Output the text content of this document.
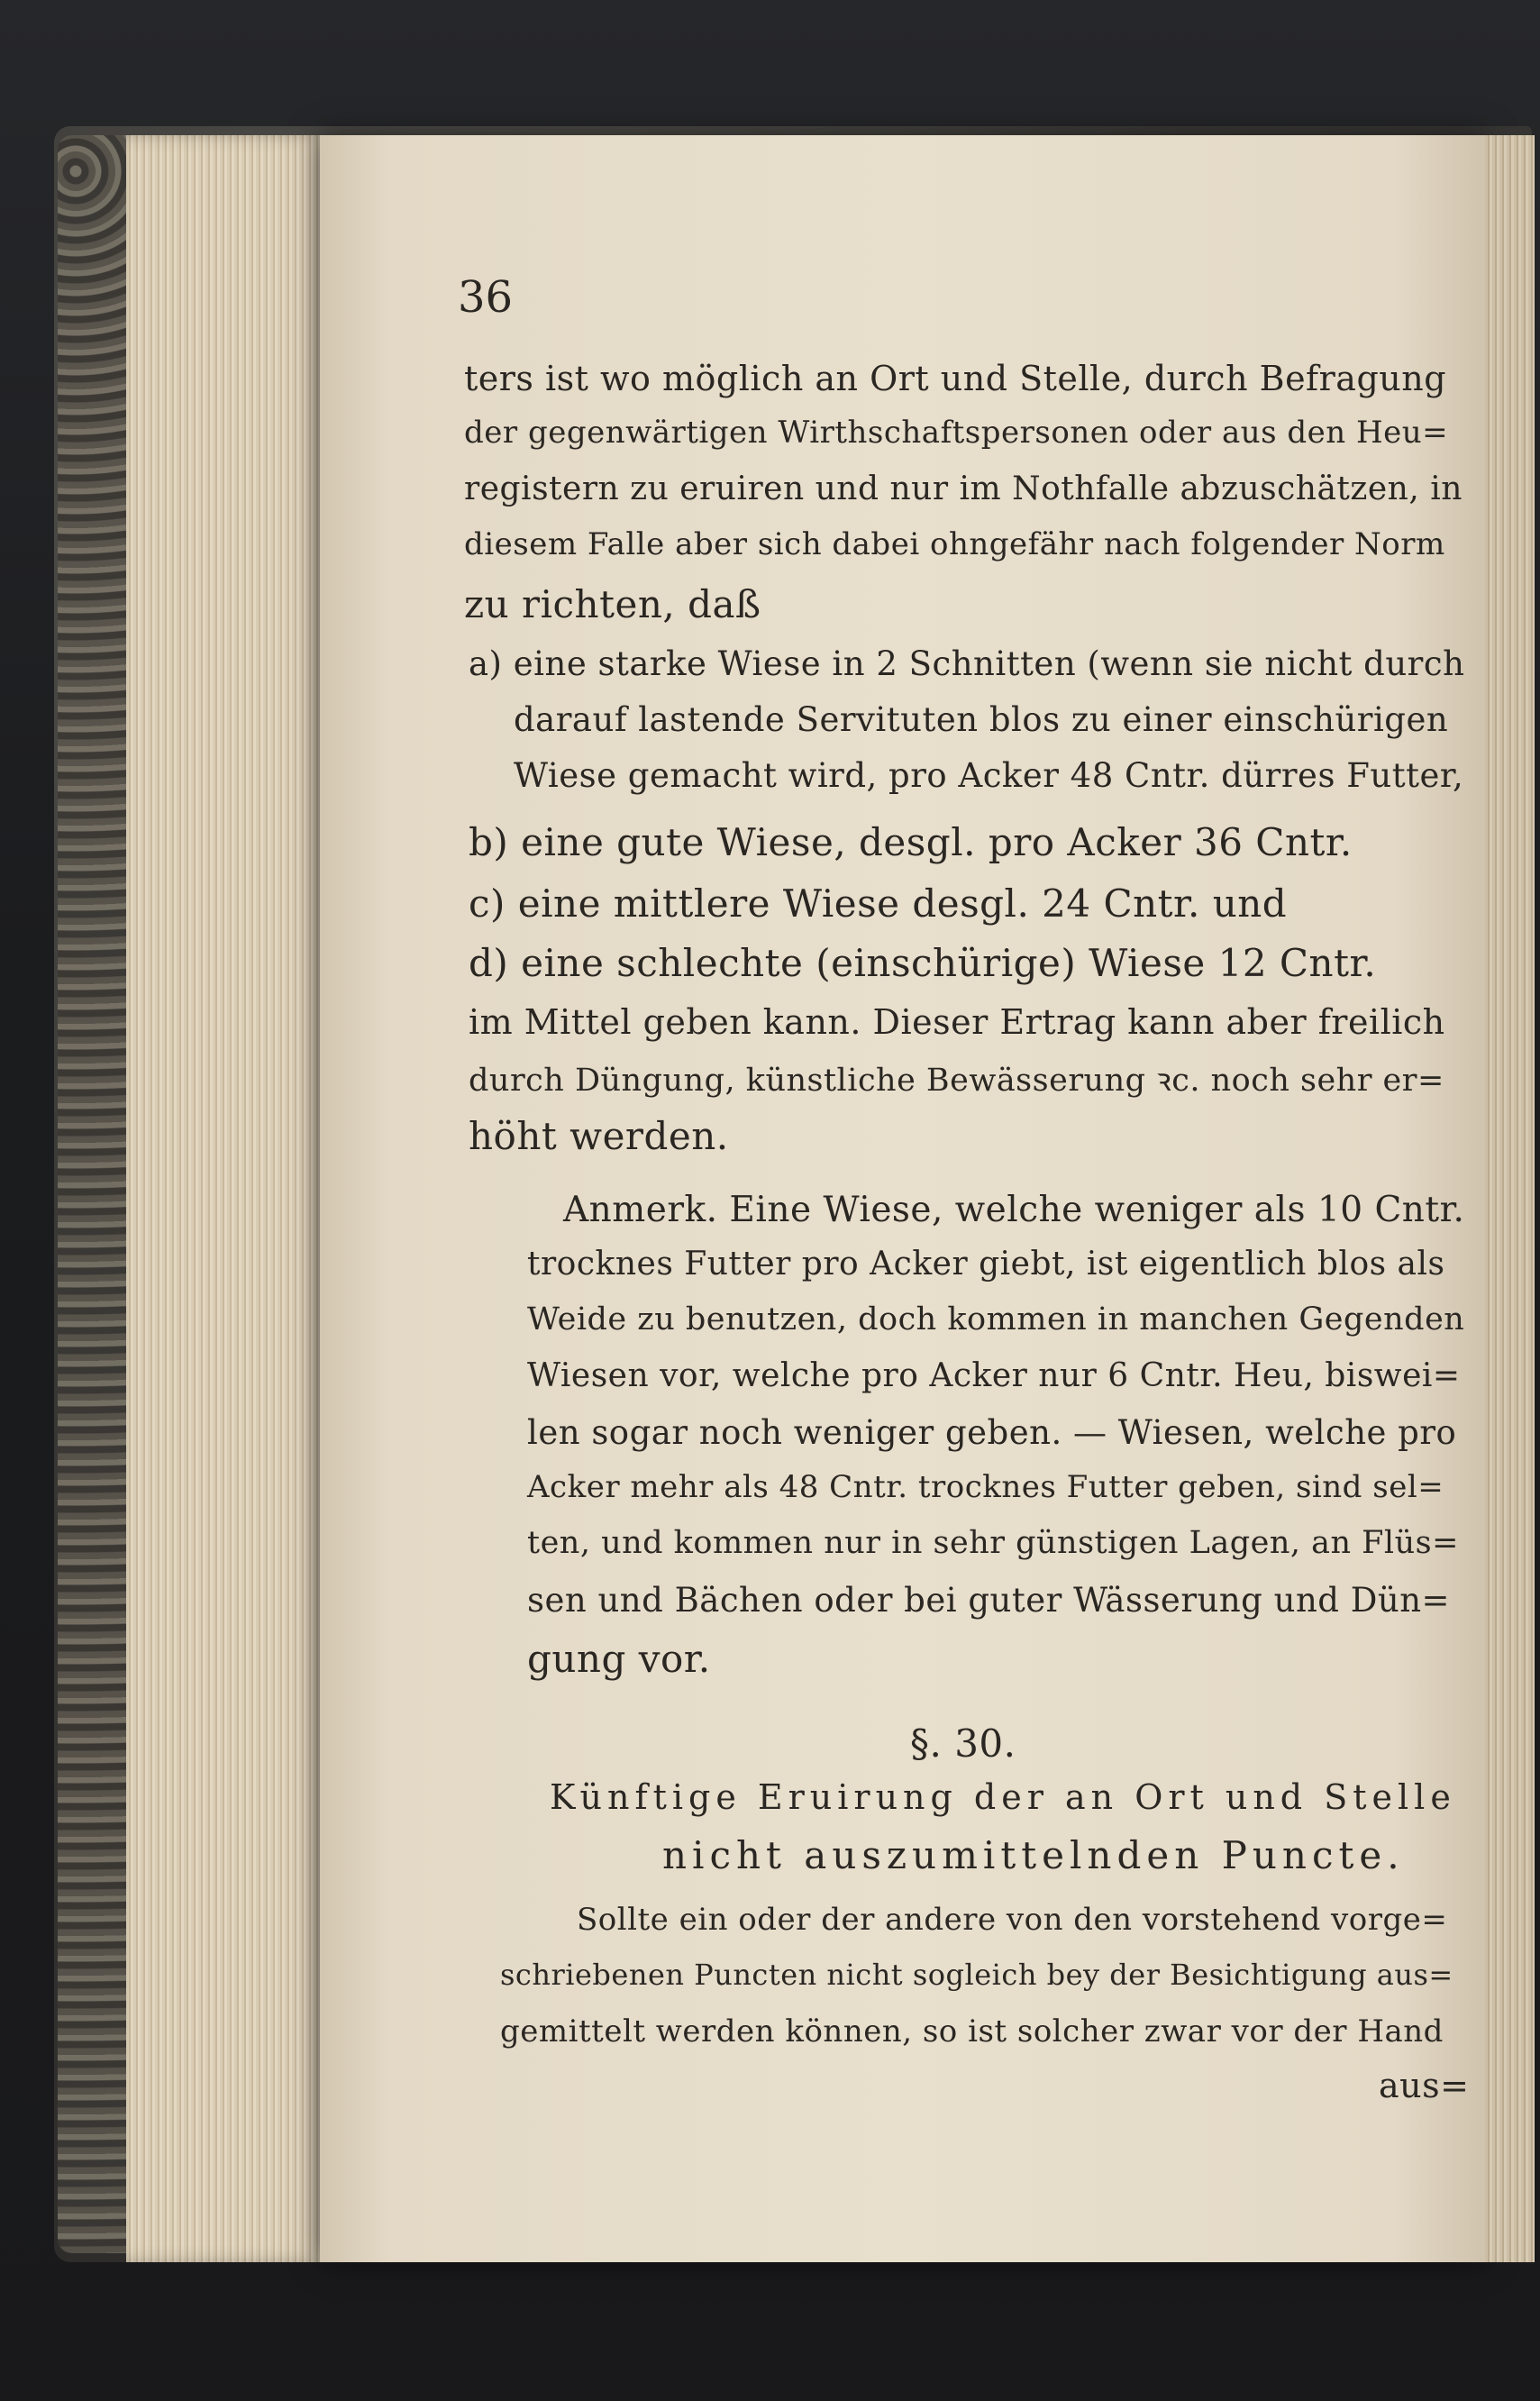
36
ters ist wo möglich an Ort und Stelle, durch Befragung
der gegenwärtigen Wirthschaftspersonen oder aus den Heu=
registern zu eruiren und nur im Nothfalle abzuschätzen, in
diesem Falle aber sich dabei ohngefähr nach folgender Norm
zu richten, daß
a) eine starke Wiese in 2 Schnitten (wenn sie nicht durch
darauf lastende Servituten blos zu einer einschürigen
Wiese gemacht wird, pro Acker 48 Cntr. dürres Futter,
b) eine gute Wiese, desgl. pro Acker 36 Cntr.
c) eine mittlere Wiese desgl. 24 Cntr. und
d) eine schlechte (einschürige) Wiese 12 Cntr.
im Mittel geben kann. Dieser Ertrag kann aber freilich
durch Düngung, künstliche Bewässerung ꝛc. noch sehr er=
höht werden.
Anmerk. Eine Wiese, welche weniger als 10 Cntr.
trocknes Futter pro Acker giebt, ist eigentlich blos als
Weide zu benutzen, doch kommen in manchen Gegenden
Wiesen vor, welche pro Acker nur 6 Cntr. Heu, biswei=
len sogar noch weniger geben. — Wiesen, welche pro
Acker mehr als 48 Cntr. trocknes Futter geben, sind sel=
ten, und kommen nur in sehr günstigen Lagen, an Flüs=
sen und Bächen oder bei guter Wässerung und Dün=
gung vor.
§. 30.
Künftige Eruirung der an Ort und Stelle
nicht auszumittelnden Puncte.
Sollte ein oder der andere von den vorstehend vorge=
schriebenen Puncten nicht sogleich bey der Besichtigung aus=
gemittelt werden können, so ist solcher zwar vor der Hand
aus=
